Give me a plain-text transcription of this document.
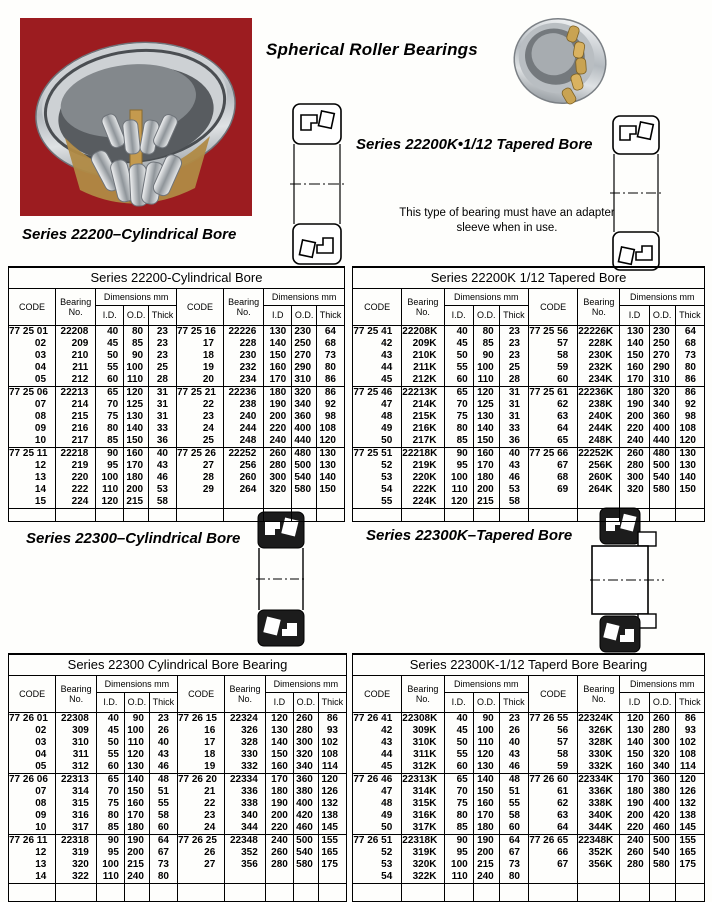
Spherical Roller Bearings
Series 22200–Cylindrical Bore
Series 22200K•1/12 Tapered Bore
This type of bearing must have an adapter sleeve when in use.
Series 22300–Cylindrical Bore	Series 22300K–Tapered Bore
Series 22200-Cylindrical Bore									
CODE	Bearing No.	Dimensions mm			CODE	Bearing No.	Dimensions mm		
		I.D.	O.D.	Thick			I.D	O.D.	Thick
77 25 01	22208	40	80	23	77 25 16	22226	130	230	64
02	209	45	85	23	17	228	140	250	68
03	210	50	90	23	18	230	150	270	73
04	211	55	100	25	19	232	160	290	80
05	212	60	110	28	20	234	170	310	86
77 25 06	22213	65	120	31	77 25 21	22236	180	320	86
07	214	70	125	31	22	238	190	340	92
08	215	75	130	31	23	240	200	360	98
09	216	80	140	33	24	244	220	400	108
10	217	85	150	36	25	248	240	440	120
77 25 11	22218	90	160	40	77 25 26	22252	260	480	130
12	219	95	170	43	27	256	280	500	130
13	220	100	180	46	28	260	300	540	140
14	222	110	200	53	29	264	320	580	150
15	224	120	215	58					

Series 22200K 1/12 Tapered Bore									
CODE	Bearing No.	Dimensions mm			CODE	Bearing No.	Dimensions mm		
		I.D.	O.D.	Thick			I.D	O.D.	Thick
77 25 41	22208K	40	80	23	77 25 56	22226K	130	230	64
42	209K	45	85	23	57	228K	140	250	68
43	210K	50	90	23	58	230K	150	270	73
44	211K	55	100	25	59	232K	160	290	80
45	212K	60	110	28	60	234K	170	310	86
77 25 46	22213K	65	120	31	77 25 61	22236K	180	320	86
47	214K	70	125	31	62	238K	190	340	92
48	215K	75	130	31	63	240K	200	360	98
49	216K	80	140	33	64	244K	220	400	108
50	217K	85	150	36	65	248K	240	440	120
77 25 51	22218K	90	160	40	77 25 66	22252K	260	480	130
52	219K	95	170	43	67	256K	280	500	130
53	220K	100	180	46	68	260K	300	540	140
54	222K	110	200	53	69	264K	320	580	150
55	224K	120	215	58					

Series 22300 Cylindrical Bore Bearing									
CODE	Bearing No.	Dimensions mm			CODE	Bearing No.	Dimensions mm		
		I.D.	O.D.	Thick			I.D	O.D.	Thick
77 26 01	22308	40	90	23	77 26 15	22324	120	260	86
02	309	45	100	26	16	326	130	280	93
03	310	50	110	40	17	328	140	300	102
04	311	55	120	43	18	330	150	320	108
05	312	60	130	46	19	332	160	340	114
77 26 06	22313	65	140	48	77 26 20	22334	170	360	120
07	314	70	150	51	21	336	180	380	126
08	315	75	160	55	22	338	190	400	132
09	316	80	170	58	23	340	200	420	138
10	317	85	180	60	24	344	220	460	145
77 26 11	22318	90	190	64	77 26 25	22348	240	500	155
12	319	95	200	67	26	352	260	540	165
13	320	100	215	73	27	356	280	580	175
14	322	110	240	80					

Series 22300K-1/12 Taperd Bore Bearing									
CODE	Bearing No.	Dimensions mm			CODE	Bearing No.	Dimensions mm		
		I.D.	O.D.	Thick			I.D	O.D.	Thick
77 26 41	22308K	40	90	23	77 26 55	22324K	120	260	86
42	309K	45	100	26	56	326K	130	280	93
43	310K	50	110	40	57	328K	140	300	102
44	311K	55	120	43	58	330K	150	320	108
45	312K	60	130	46	59	332K	160	340	114
77 26 46	22313K	65	140	48	77 26 60	22334K	170	360	120
47	314K	70	150	51	61	336K	180	380	126
48	315K	75	160	55	62	338K	190	400	132
49	316K	80	170	58	63	340K	200	420	138
50	317K	85	180	60	64	344K	220	460	145
77 26 51	22318K	90	190	64	77 26 65	22348K	240	500	155
52	319K	95	200	67	66	352K	260	540	165
53	320K	100	215	73	67	356K	280	580	175
54	322K	110	240	80					
